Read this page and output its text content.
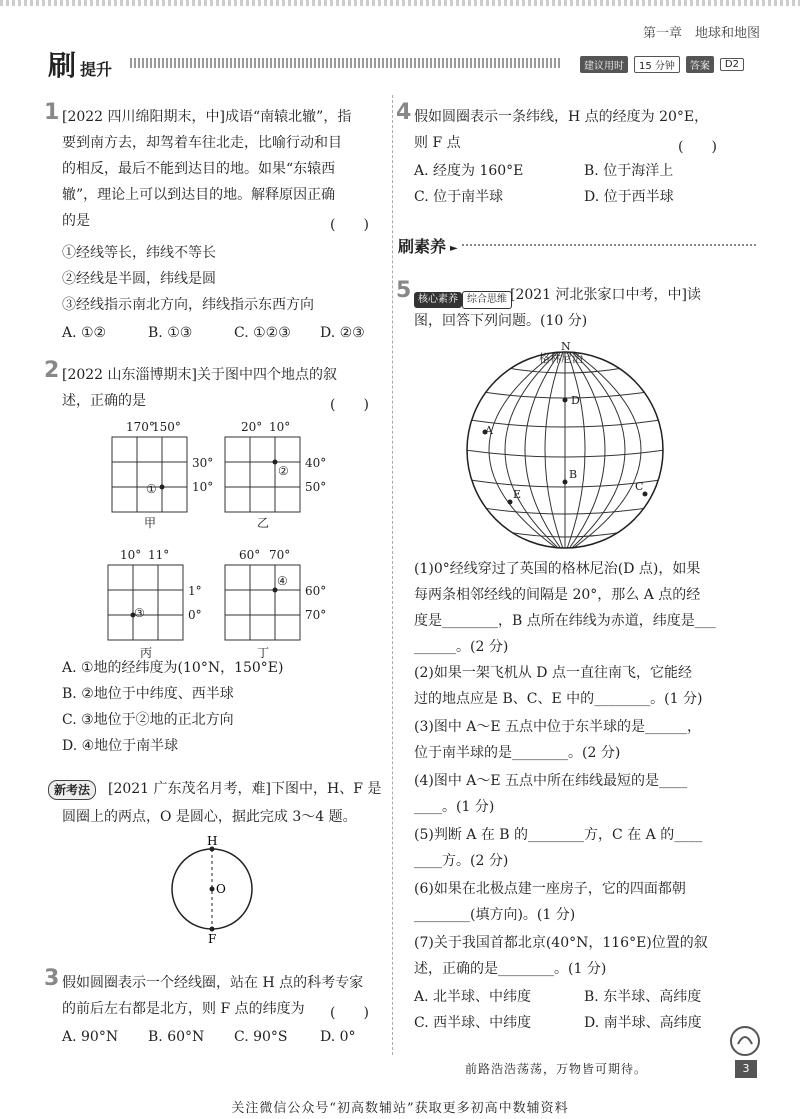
第一章　地球和地图
刷提升	建议用时	15 分钟	答案	D2
1 [2022 四川绵阳期末，中]成语“南辕北辙”，指
要到南方去，却驾着车往北走，比喻行动和目
的相反，最后不能到达目的地。如果“东辕西
辙”，理论上可以到达目的地。解释原因正确
的是	(　　)
①经线等长，纬线不等长
②经线是半圆，纬线是圆
③经线指示南北方向，纬线指示东西方向
A. ①②	B. ①③	C. ①②③ D. ②③
2 [2022 山东淄博期末]关于图中四个地点的叙
述，正确的是	(　　)
170°
150°
30°
10°
①
甲
20° 10°
40°
50°
②
乙
10° 11°
1°
0°
③
丙
60° 70°
60°
70°
④
丁
A. ①地的经纬度为(10°N，150°E)
B. ②地位于中纬度、西半球
C. ③地位于②地的正北方向
D. ④地位于南半球
新考法	[2021 广东茂名月考，难]下图中，H、F 是
圆圈上的两点，O 是圆心，据此完成 3～4 题。
H
O
F
3 假如圆圈表示一个经线圈，站在 H 点的科考专家
的前后左右都是北方，则 F 点的纬度为 (　　)
A. 90°N B. 60°N C. 90°S D. 0°
4 假如圆圈表示一条纬线，H 点的经度为 20°E，
则 F 点	(　　)
A. 经度为 160°E	B. 位于海洋上
C. 位于南半球	D. 位于西半球
刷素养 ►
5 核心素养 综合思维 [2021 河北张家口中考，中]读
图，回答下列问题。(10 分)
N
格林尼治
D
A
B
E
C
(1)0°经线穿过了英国的格林尼治(D 点)，如果
每两条相邻经线的间隔是 20°，那么 A 点的经
度是________，B 点所在纬线为赤道，纬度是___
______。(2 分)
(2)如果一架飞机从 D 点一直往南飞，它能经
过的地点应是 B、C、E 中的________。(1 分)
(3)图中 A～E 五点中位于东半球的是______，
位于南半球的是________。(2 分)
(4)图中 A～E 五点中所在纬线最短的是____
____。(1 分)
(5)判断 A 在 B 的________方，C 在 A 的____
____方。(2 分)
(6)如果在北极点建一座房子，它的四面都朝
________(填方向)。(1 分)
(7)关于我国首都北京(40°N，116°E)位置的叙
述，正确的是________。(1 分)
A. 北半球、中纬度	B. 东半球、高纬度
C. 西半球、中纬度	D. 南半球、高纬度
前路浩浩荡荡，万物皆可期待。	3
关注微信公众号“初高数辅站”获取更多初高中数辅资料
